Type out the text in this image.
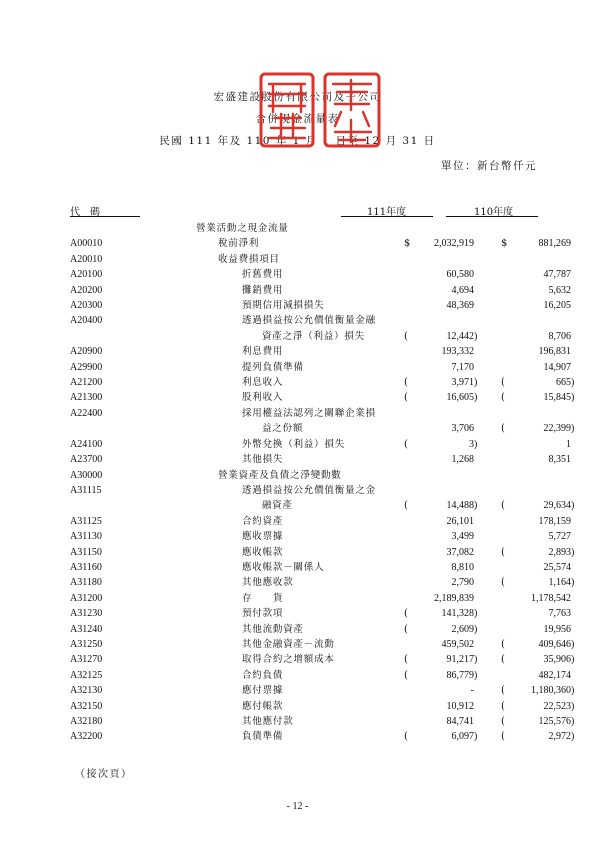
宏盛建設股份有限公司及子公司
合併現金流量表
民國 111 年及 110 年 1 月 1 日至 12 月 31 日
單位：新台幣仟元
代　碼	111年度	110年度
	營業活動之現金流量							
A00010	稅前淨利	$	2,032,919			$	881,269	
A20010	收益費損項目							
A20100	折舊費用		60,580				47,787	
A20200	攤銷費用		4,694				5,632	
A20300	預期信用減損損失		48,369				16,205	
A20400	透過損益按公允價值衡量金融							
	資產之淨（利益）損失	(	12,442	)			8,706	
A20900	利息費用		193,332				196,831	
A29900	提列負債準備		7,170				14,907	
A21200	利息收入	(	3,971	)		(	665	)
A21300	股利收入	(	16,605	)		(	15,845	)
A22400	採用權益法認列之關聯企業損							
	益之份額		3,706			(	22,399	)
A24100	外幣兌換（利益）損失	(	3	)			1	
A23700	其他損失		1,268				8,351	
A30000	營業資產及負債之淨變動數							
A31115	透過損益按公允價值衡量之金							
	融資產	(	14,488	)		(	29,634	)
A31125	合約資產		26,101				178,159	
A31130	應收票據		3,499				5,727	
A31150	應收帳款		37,082			(	2,893	)
A31160	應收帳款－關係人		8,810				25,574	
A31180	其他應收款		2,790			(	1,164	)
A31200	存　　貨		2,189,839				1,178,542	
A31230	預付款項	(	141,328	)			7,763	
A31240	其他流動資產	(	2,609	)			19,956	
A31250	其他金融資產－流動		459,502			(	409,646	)
A31270	取得合約之增額成本	(	91,217	)		(	35,906	)
A32125	合約負債	(	86,779	)			482,174	
A32130	應付票據		-			(	1,180,360	)
A32150	應付帳款		10,912			(	22,523	)
A32180	其他應付款		84,741			(	125,576	)
A32200	負債準備	(	6,097	)		(	2,972	)
（接次頁）
- 12 -
